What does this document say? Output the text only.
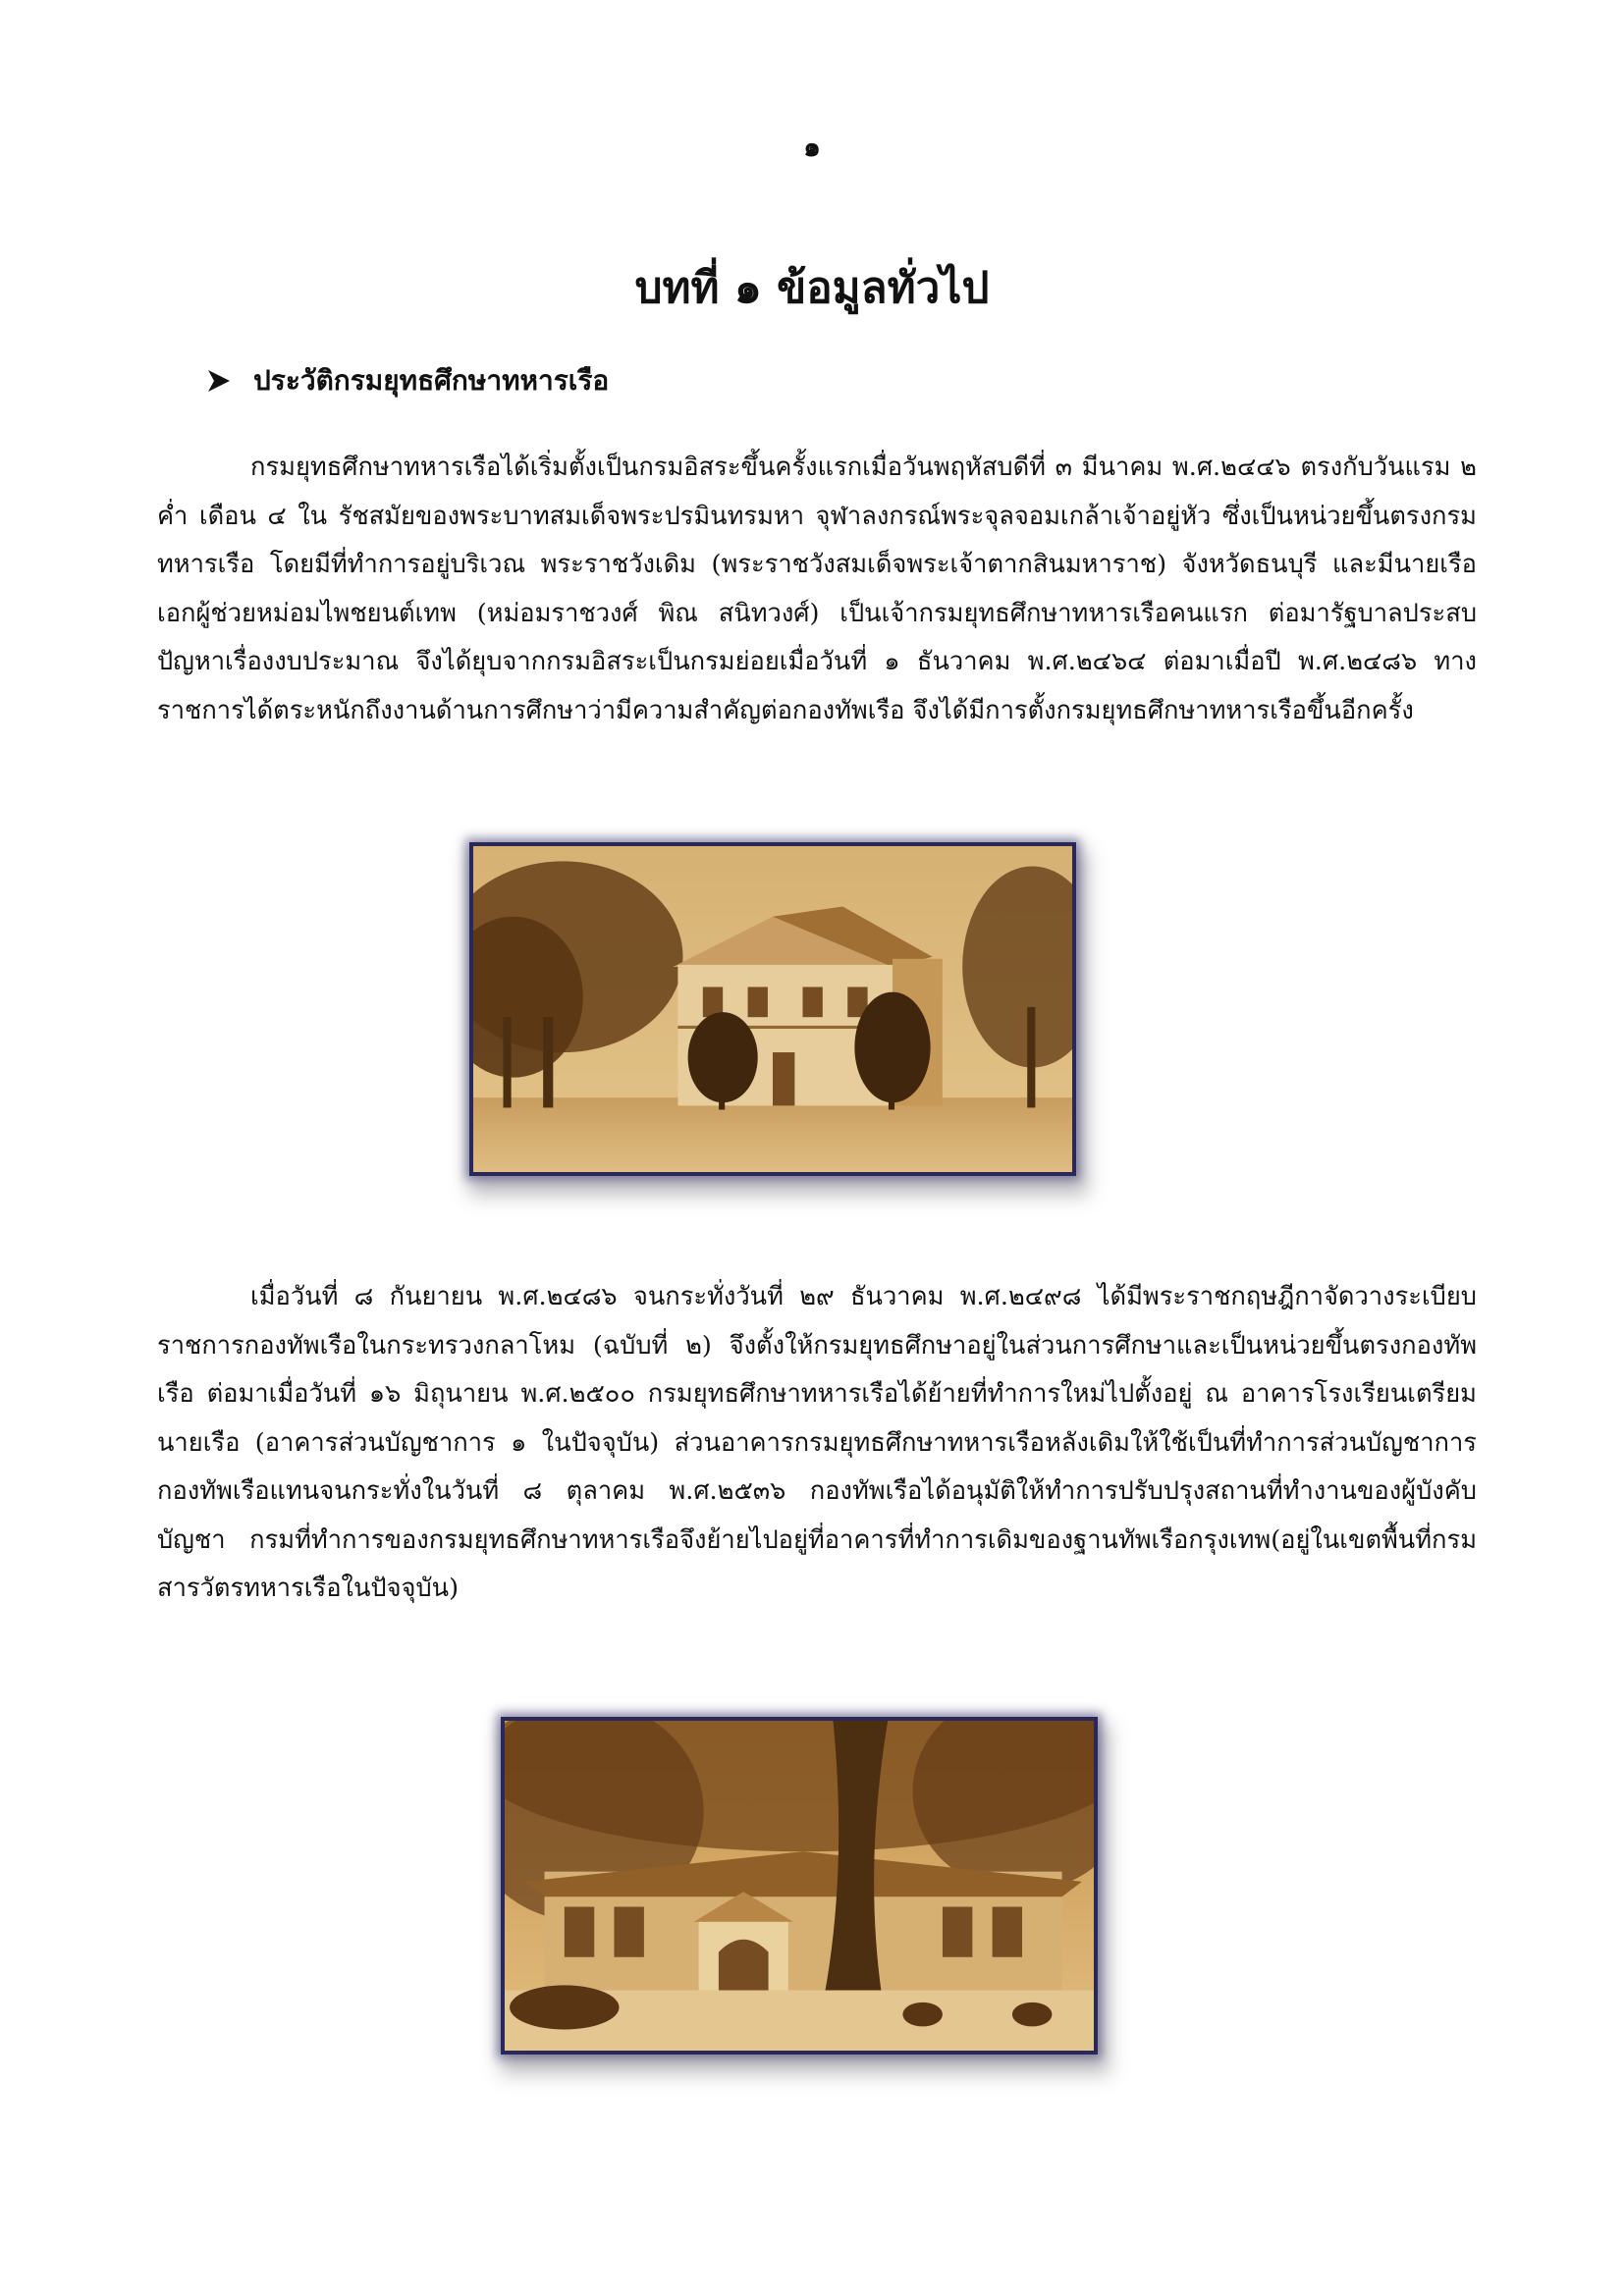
๑
บทที่ ๑ ข้อมูลทั่วไป
ประวัติกรมยุทธศึกษาทหารเรือ

กรมยุทธศึกษาทหารเรือได้เริ่มตั้งเป็นกรมอิสระขึ้นครั้งแรกเมื่อวันพฤหัสบดีที่ ๓ มีนาคม พ.ศ.๒๔๔๖ ตรงกับวันแรม ๒ ค่ำ เดือน ๔ ใน รัชสมัยของพระบาทสมเด็จพระปรมินทรมหา จุฬาลงกรณ์พระจุลจอมเกล้าเจ้าอยู่หัว ซึ่งเป็นหน่วยขึ้นตรงกรมทหารเรือ โดยมีที่ทำการอยู่บริเวณ พระราชวังเดิม (พระราชวังสมเด็จพระเจ้าตากสินมหาราช) จังหวัดธนบุรี และมีนายเรือเอกผู้ช่วยหม่อมไพชยนต์เทพ (หม่อมราชวงศ์ พิณ สนิทวงศ์) เป็นเจ้ากรมยุทธศึกษาทหารเรือคนแรก ต่อมารัฐบาลประสบปัญหาเรื่องงบประมาณ จึงได้ยุบจากกรมอิสระเป็นกรมย่อยเมื่อวันที่ ๑ ธันวาคม พ.ศ.๒๔๖๔ ต่อมาเมื่อปี พ.ศ.๒๔๘๖ ทางราชการได้ตระหนักถึงงานด้านการศึกษาว่ามีความสำคัญต่อกองทัพเรือ จึงได้มีการตั้งกรมยุทธศึกษาทหารเรือขึ้นอีกครั้ง

เมื่อวันที่ ๘ กันยายน พ.ศ.๒๔๘๖ จนกระทั่งวันที่ ๒๙ ธันวาคม พ.ศ.๒๔๙๘ ได้มีพระราชกฤษฎีกาจัดวางระเบียบราชการกองทัพเรือในกระทรวงกลาโหม (ฉบับที่ ๒) จึงตั้งให้กรมยุทธศึกษาอยู่ในส่วนการศึกษาและเป็นหน่วยขึ้นตรงกองทัพเรือ ต่อมาเมื่อวันที่ ๑๖ มิถุนายน พ.ศ.๒๕๐๐ กรมยุทธศึกษาทหารเรือได้ย้ายที่ทำการใหม่ไปตั้งอยู่ ณ อาคารโรงเรียนเตรียมนายเรือ (อาคารส่วนบัญชาการ ๑ ในปัจจุบัน) ส่วนอาคารกรมยุทธศึกษาทหารเรือหลังเดิมให้ใช้เป็นที่ทำการส่วนบัญชาการกองทัพเรือแทนจนกระทั่งในวันที่ ๘ ตุลาคม พ.ศ.๒๕๓๖ กองทัพเรือได้อนุมัติให้ทำการปรับปรุงสถานที่ทำงานของผู้บังคับบัญชา กรมที่ทำการของกรมยุทธศึกษาทหารเรือจึงย้ายไปอยู่ที่อาคารที่ทำการเดิมของฐานทัพเรือกรุงเทพ(อยู่ในเขตพื้นที่กรมสารวัตรทหารเรือในปัจจุบัน)
